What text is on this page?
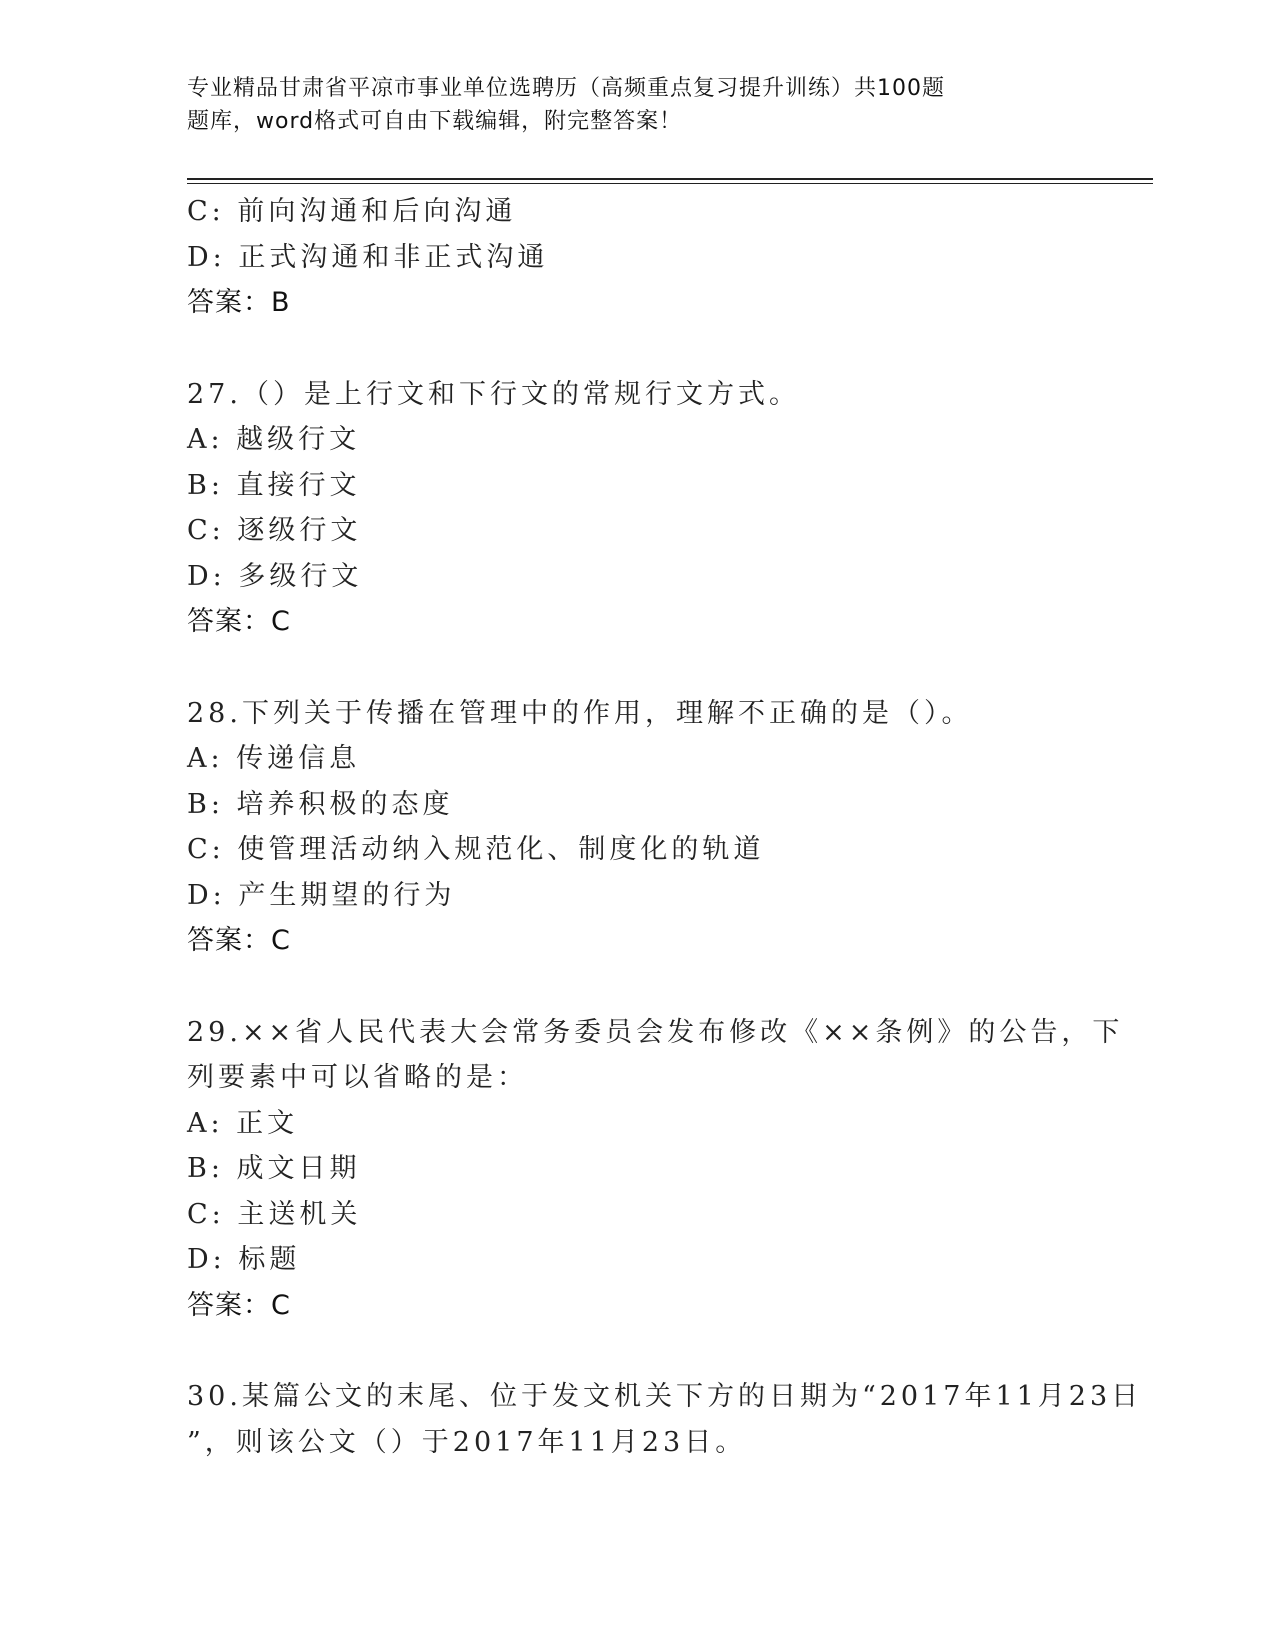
专业精品甘肃省平凉市事业单位选聘历（高频重点复习提升训练）共100题
题库，word格式可自由下载编辑，附完整答案！
C: 前向沟通和后向沟通
D: 正式沟通和非正式沟通
答案：B
27.（）是上行文和下行文的常规行文方式。
A: 越级行文
B: 直接行文
C: 逐级行文
D: 多级行文
答案：C
28.下列关于传播在管理中的作用，理解不正确的是（）。
A: 传递信息
B: 培养积极的态度
C: 使管理活动纳入规范化、制度化的轨道
D: 产生期望的行为
答案：C
29.××省人民代表大会常务委员会发布修改《××条例》的公告，下
列要素中可以省略的是：
A: 正文
B: 成文日期
C: 主送机关
D: 标题
答案：C
30.某篇公文的末尾、位于发文机关下方的日期为“2017年11月23日
”，则该公文（）于2017年11月23日。
